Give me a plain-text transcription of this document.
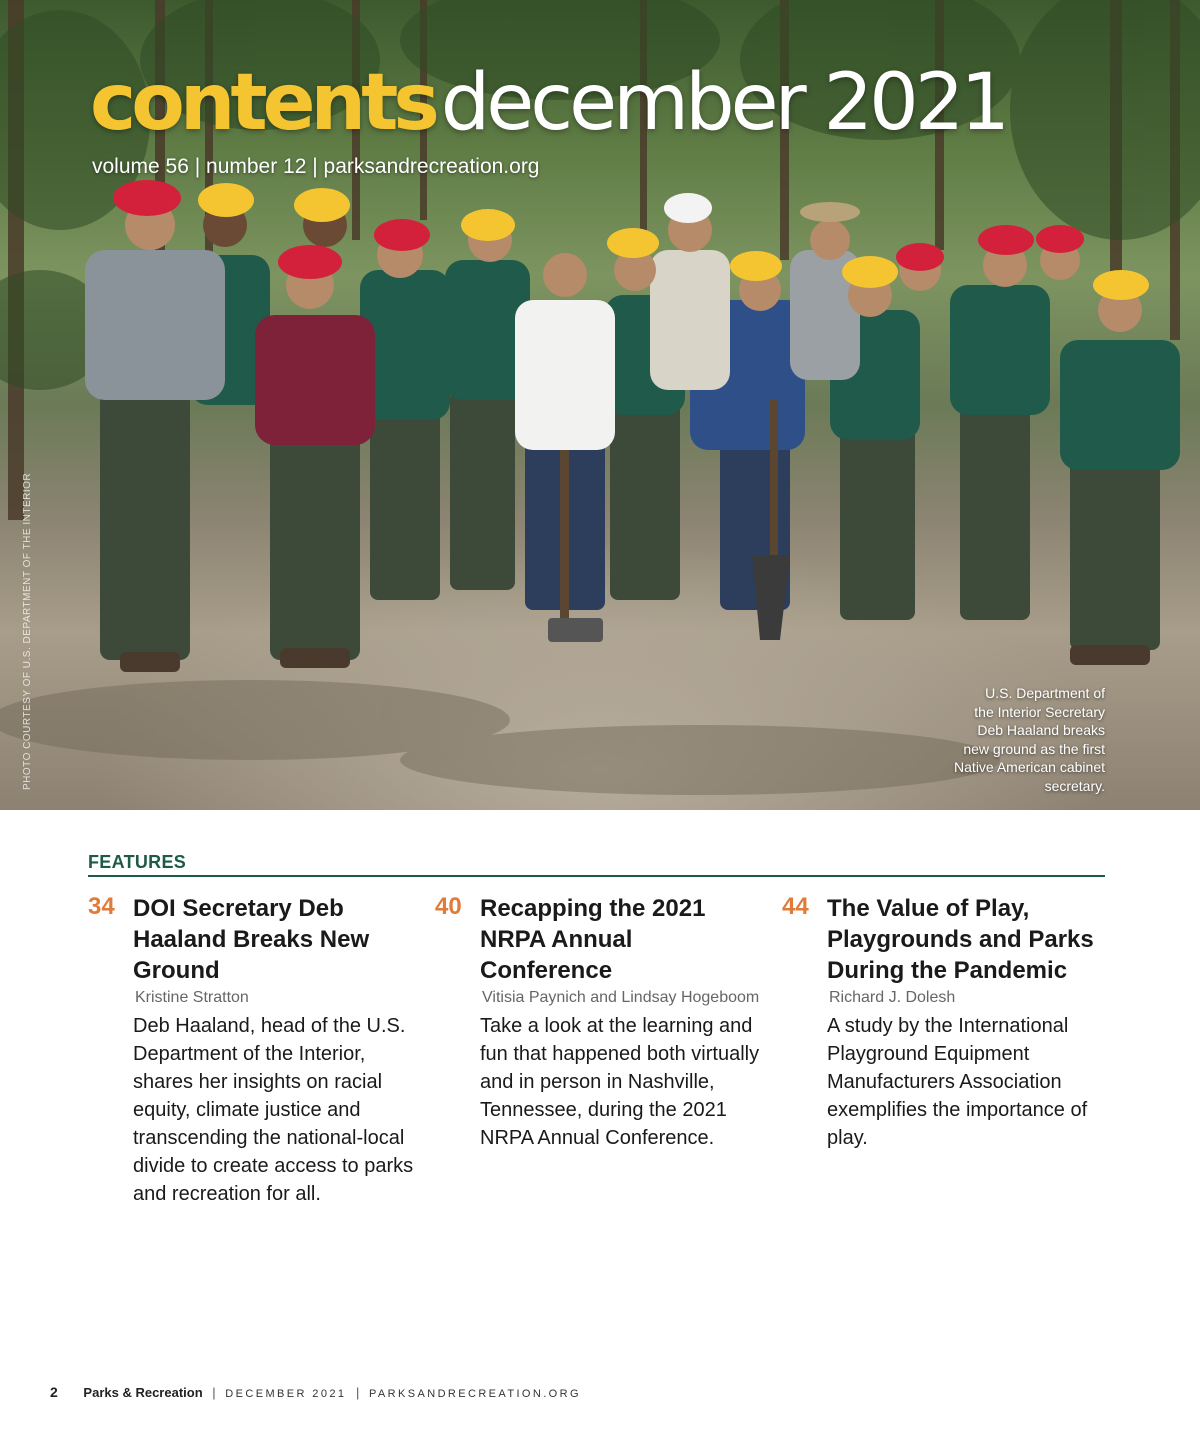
contentsdecember 2021
volume 56 | number 12 | parksandrecreation.org
PHOTO COURTESY OF U.S. DEPARTMENT OF THE INTERIOR	U.S. Department of
the Interior Secretary
Deb Haaland breaks
new ground as the first
Native American cabinet
secretary.
FEATURES
34 DOI Secretary Deb Haaland Breaks New Ground
Kristine Stratton
Deb Haaland, head of the U.S. Department of the Interior, shares her insights on racial equity, climate justice and transcending the national-local divide to create access to parks and recreation for all.
40 Recapping the 2021 NRPA Annual Conference
Vitisia Paynich and Lindsay Hogeboom
Take a look at the learning and fun that happened both virtually and in person in Nashville, Tennessee, during the 2021 NRPA Annual Conference.
44 The Value of Play, Playgrounds and Parks During the Pandemic
Richard J. Dolesh
A study by the International Playground Equipment Manufacturers Association exemplifies the importance of play.
2 Parks & Recreation | DECEMBER 2021 | PARKSANDRECREATION.ORG
